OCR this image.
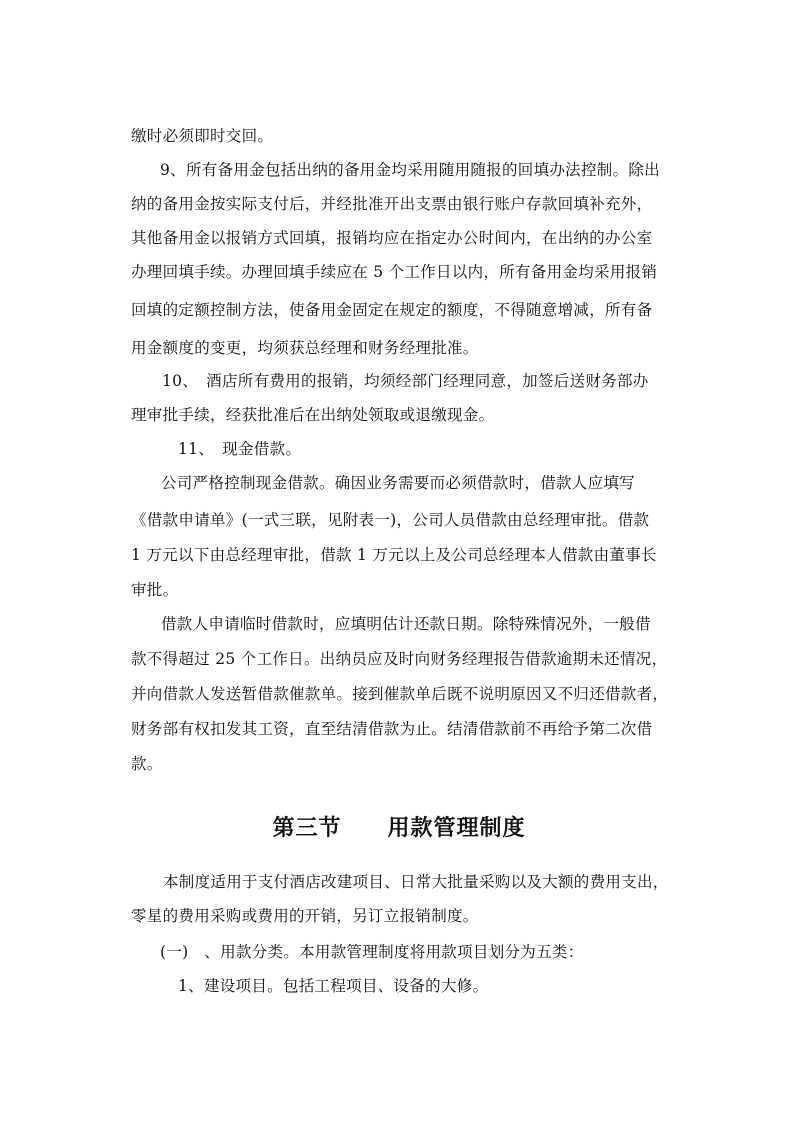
缴时必须即时交回。
9、所有备用金包括出纳的备用金均采用随用随报的回填办法控制。除出
纳的备用金按实际支付后，并经批准开出支票由银行账户存款回填补充外，
其他备用金以报销方式回填，报销均应在指定办公时间内，在出纳的办公室
办理回填手续。办理回填手续应在 5 个工作日以内，所有备用金均采用报销
回填的定额控制方法，使备用金固定在规定的额度，不得随意增减，所有备
用金额度的变更，均须获总经理和财务经理批准。
10、　酒店所有费用的报销，均须经部门经理同意，加签后送财务部办
理审批手续，经获批准后在出纳处领取或退缴现金。
11、　现金借款。
公司严格控制现金借款。确因业务需要而必须借款时，借款人应填写
《借款申请单》(一式三联，见附表一)，公司人员借款由总经理审批。借款
1 万元以下由总经理审批，借款 1 万元以上及公司总经理本人借款由董事长
审批。
借款人申请临时借款时，应填明估计还款日期。除特殊情况外，一般借
款不得超过 25 个工作日。出纳员应及时向财务经理报告借款逾期未还情况，
并向借款人发送暂借款催款单。接到催款单后既不说明原因又不归还借款者，
财务部有权扣发其工资，直至结清借款为止。结清借款前不再给予第二次借
款。
第三节　　用款管理制度
本制度适用于支付酒店改建项目、日常大批量采购以及大额的费用支出，
零星的费用采购或费用的开销，另订立报销制度。
(一)　、用款分类。本用款管理制度将用款项目划分为五类：
1、建设项目。包括工程项目、设备的大修。
